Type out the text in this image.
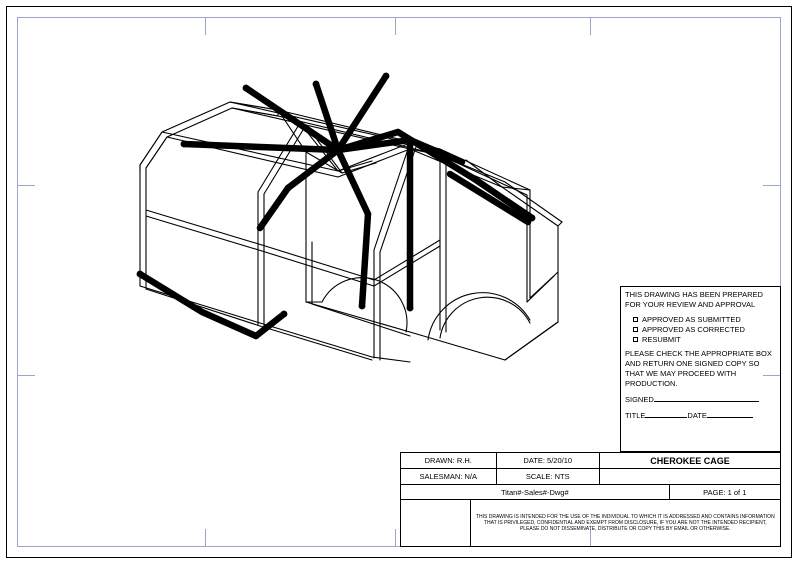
THIS DRAWING HAS BEEN PREPARED FOR YOUR REVIEW AND APPROVAL
APPROVED AS SUBMITTED
APPROVED AS CORRECTED
RESUBMIT
PLEASE CHECK THE APPROPRIATE BOX AND RETURN ONE SIGNED COPY SO THAT WE MAY PROCEED WITH PRODUCTION.
SIGNED
TITLE	DATE
DRAWN: R.H.	DATE: 5/20/10	CHEROKEE CAGE
SALESMAN: N/A	SCALE: NTS
Titan#-Sales#-Dwg#	PAGE: 1 of 1
THIS DRAWING IS INTENDED FOR THE USE OF THE INDIVIDUAL TO WHICH IT IS ADDRESSED AND CONTAINS INFORMATION THAT IS PRIVILEGED, CONFIDENTIAL AND EXEMPT FROM DISCLOSURE, IF YOU ARE NOT THE INTENDED RECIPIENT, PLEASE DO NOT DISSEMINATE, DISTRIBUTE OR COPY THIS BY EMAIL OR OTHERWISE.
